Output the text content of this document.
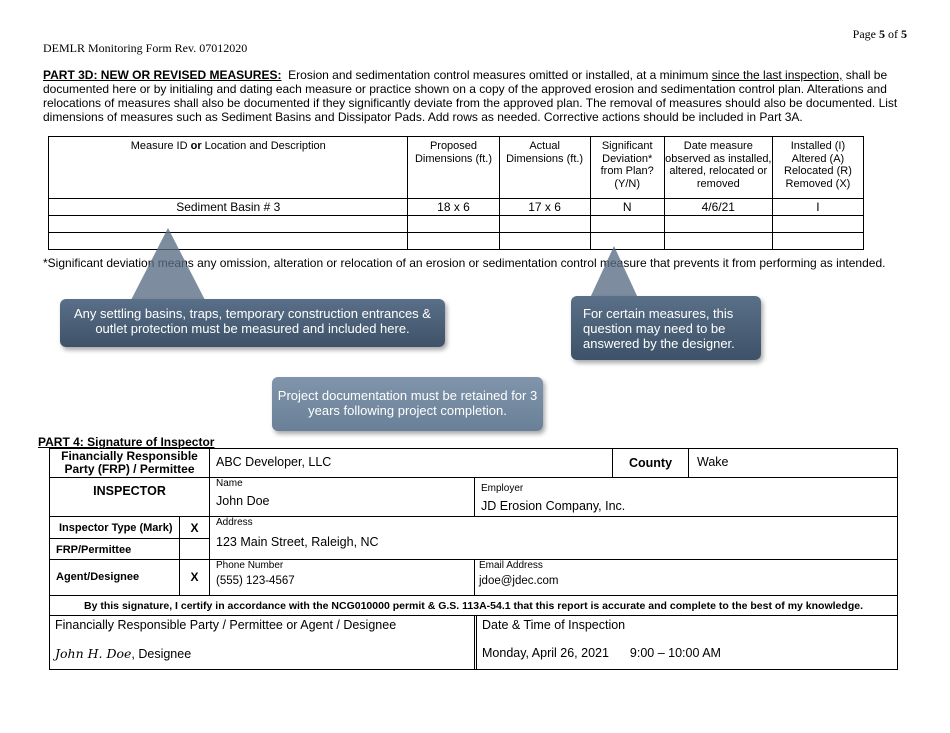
Page 5 of 5
DEMLR Monitoring Form Rev. 07012020
PART 3D: NEW OR REVISED MEASURES: Erosion and sedimentation control measures omitted or installed, at a minimum since the last inspection, shall be documented here or by initialing and dating each measure or practice shown on a copy of the approved erosion and sedimentation control plan. Alterations and relocations of measures shall also be documented if they significantly deviate from the approved plan. The removal of measures should also be documented. List dimensions of measures such as Sediment Basins and Dissipator Pads. Add rows as needed. Corrective actions should be included in Part 3A.
Measure ID or Location and Description	Proposed Dimensions (ft.)	Actual Dimensions (ft.)	Significant Deviation* from Plan? (Y/N)	Date measure observed as installed, altered, relocated or removed	Installed (I) Altered (A) Relocated (R) Removed (X)
Sediment Basin # 3	18 x 6	17 x 6	N	4/6/21	I

*Significant deviation means any omission, alteration or relocation of an erosion or sedimentation control measure that prevents it from performing as intended.
Any settling basins, traps, temporary construction entrances & outlet protection must be measured and included here.
For certain measures, this question may need to be answered by the designer.
Project documentation must be retained for 3 years following project completion.
PART 4: Signature of Inspector
Financially Responsible Party (FRP) / Permittee	ABC Developer, LLC	County	Wake
INSPECTOR
Name
John Doe
Employer
JD Erosion Company, Inc.
Inspector Type (Mark)	X	Address
123 Main Street, Raleigh, NC
FRP/Permittee
Agent/Designee	X
Phone Number
(555) 123-4567
Email Address
jdoe@jdec.com
By this signature, I certify in accordance with the NCG010000 permit & G.S. 113A-54.1 that this report is accurate and complete to the best of my knowledge.
Financially Responsible Party / Permittee or Agent / Designee
John H. Doe, Designee
Date & Time of Inspection
Monday, April 26, 2021 9:00 – 10:00 AM
